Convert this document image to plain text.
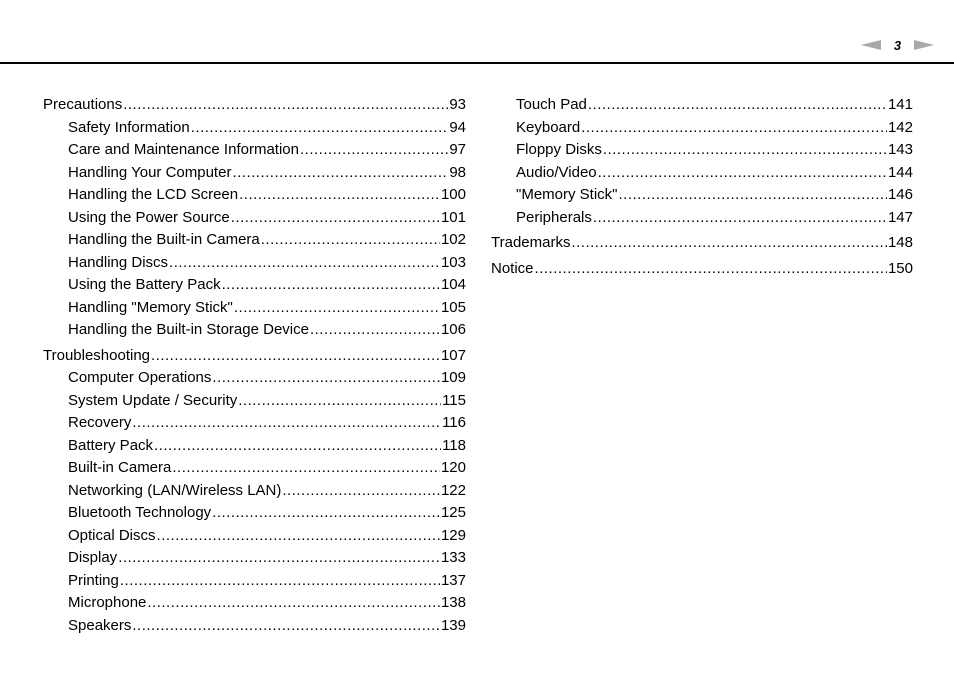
3
Precautions .....	93
Safety Information .....	94
Care and Maintenance Information .....	97
Handling Your Computer .....	98
Handling the LCD Screen .....	100
Using the Power Source .....	101
Handling the Built-in Camera .....	102
Handling Discs .....	103
Using the Battery Pack .....	104
Handling "Memory Stick" .....	105
Handling the Built-in Storage Device .....	106
Troubleshooting .....	107
Computer Operations .....	109
System Update / Security .....	115
Recovery .....	116
Battery Pack .....	118
Built-in Camera .....	120
Networking (LAN/Wireless LAN) .....	122
Bluetooth Technology .....	125
Optical Discs .....	129
Display .....	133
Printing .....	137
Microphone .....	138
Speakers .....	139
Touch Pad .....	141
Keyboard .....	142
Floppy Disks .....	143
Audio/Video .....	144
"Memory Stick" .....	146
Peripherals .....	147
Trademarks .....	148
Notice .....	150
